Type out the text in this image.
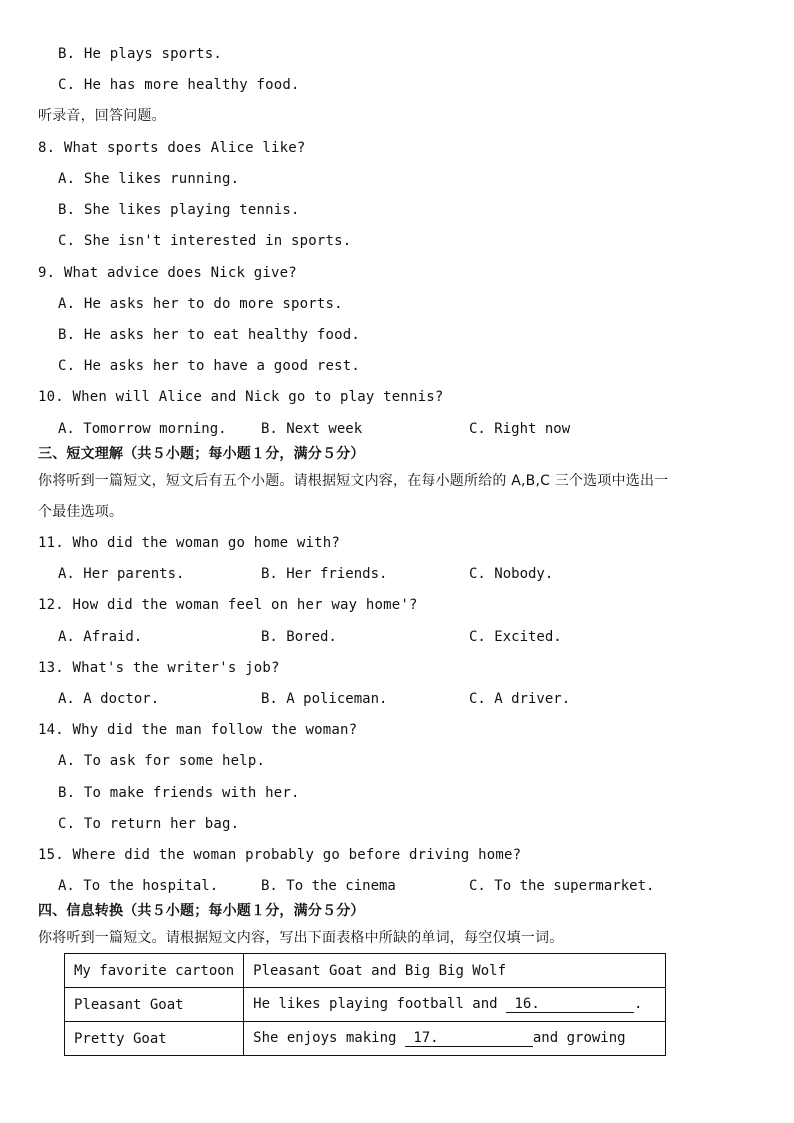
B. He plays sports.
C. He has more healthy food.
听录音，回答问题。
8. What sports does Alice like?
A. She likes running.
B. She likes playing tennis.
C. She isn't interested in sports.
9. What advice does Nick give?
A. He asks her to do more sports.
B. He asks her to eat healthy food.
C. He asks her to have a good rest.
10. When will Alice and Nick go to play tennis?
A. Tomorrow morning. B. Next week	C. Right now
三、短文理解（共５小题；每小题１分，满分５分）
你将听到一篇短文，短文后有五个小题。请根据短文内容，在每小题所给的 A,B,C 三个选项中选出一
个最佳选项。
11. Who did the woman go home with?
A. Her parents.	B. Her friends.	C. Nobody.
12. How did the woman feel on her way home'?
A. Afraid.	B. Bored.	C. Excited.
13. What's the writer's job?
A. A doctor.	B. A policeman.	C. A driver.
14. Why did the man follow the woman?
A. To ask for some help.
B. To make friends with her.
C. To return her bag.
15. Where did the woman probably go before driving home?
A. To the hospital.	B. To the cinema	C. To the supermarket.
四、信息转换（共５小题；每小题１分，满分５分）
你将听到一篇短文。请根据短文内容，写出下面表格中所缺的单词，每空仅填一词。
My favorite cartoon	Pleasant Goat and Big Big Wolf
Pleasant Goat	He likes playing football and  16. .
Pretty Goat	She enjoys making  17. and growing
